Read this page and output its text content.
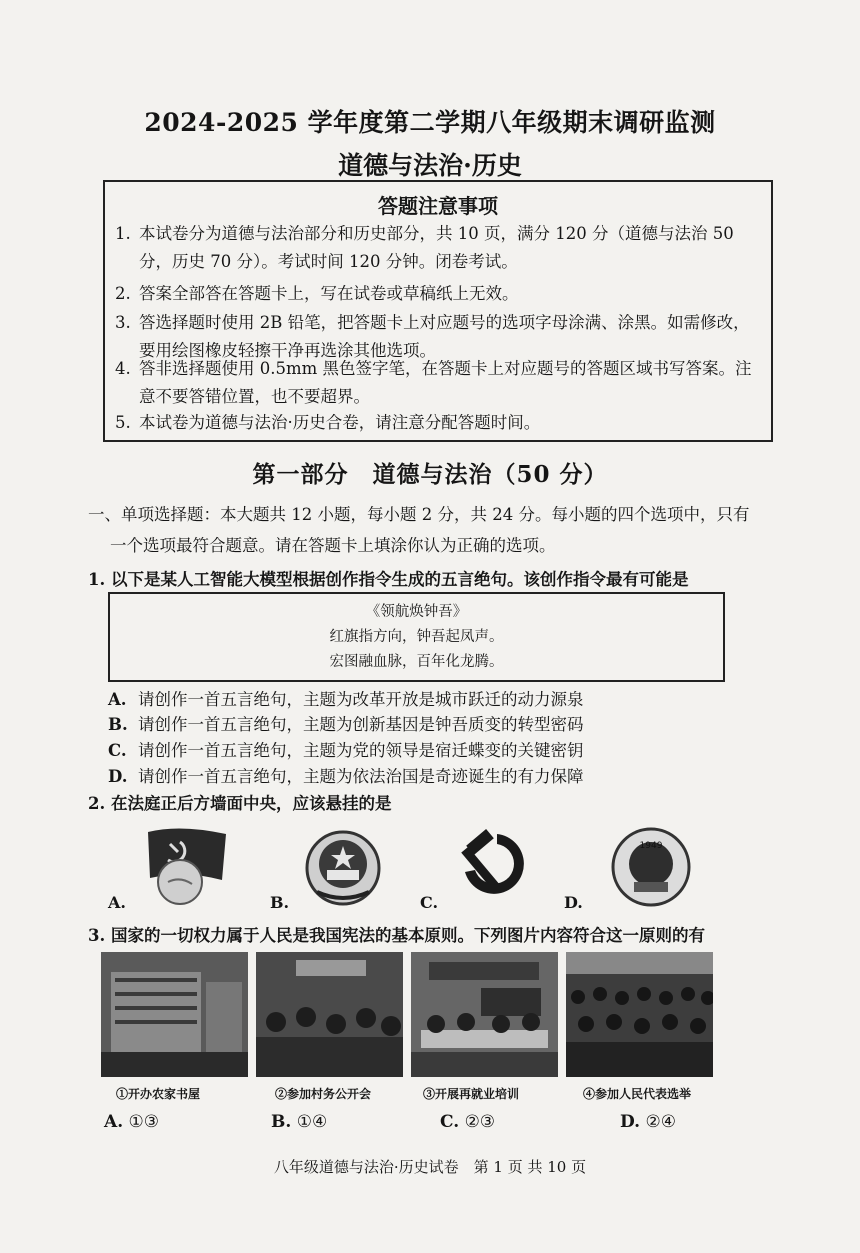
2024-2025 学年度第二学期八年级期末调研监测
道德与法治·历史
答题注意事项
1. 本试卷分为道德与法治部分和历史部分，共 10 页，满分 120 分（道德与法治 50 分，历史 70 分）。考试时间 120 分钟。闭卷考试。
2. 答案全部答在答题卡上，写在试卷或草稿纸上无效。
3. 答选择题时使用 2B 铅笔，把答题卡上对应题号的选项字母涂满、涂黑。如需修改，要用绘图橡皮轻擦干净再选涂其他选项。
4. 答非选择题使用 0.5mm 黑色签字笔，在答题卡上对应题号的答题区域书写答案。注意不要答错位置，也不要超界。
5. 本试卷为道德与法治·历史合卷，请注意分配答题时间。
第一部分　道德与法治（50 分）
一、单项选择题：本大题共 12 小题，每小题 2 分，共 24 分。每小题的四个选项中，只有
一个选项最符合题意。请在答题卡上填涂你认为正确的选项。
1. 以下是某人工智能大模型根据创作指令生成的五言绝句。该创作指令最有可能是
《领航焕钟吾》
红旗指方向，钟吾起凤声。
宏图融血脉，百年化龙腾。
A. 请创作一首五言绝句，主题为改革开放是城市跃迁的动力源泉
B. 请创作一首五言绝句，主题为创新基因是钟吾质变的转型密码
C. 请创作一首五言绝句，主题为党的领导是宿迁蝶变的关键密钥
D. 请创作一首五言绝句，主题为依法治国是奇迹诞生的有力保障
2. 在法庭正后方墙面中央，应该悬挂的是
1949
A.	B.	C.	D.
3. 国家的一切权力属于人民是我国宪法的基本原则。下列图片内容符合这一原则的有
①开办农家书屋	②参加村务公开会	③开展再就业培训	④参加人民代表选举
A. ①③	B. ①④	C. ②③	D. ②④
八年级道德与法治·历史试卷　第 1 页 共 10 页
